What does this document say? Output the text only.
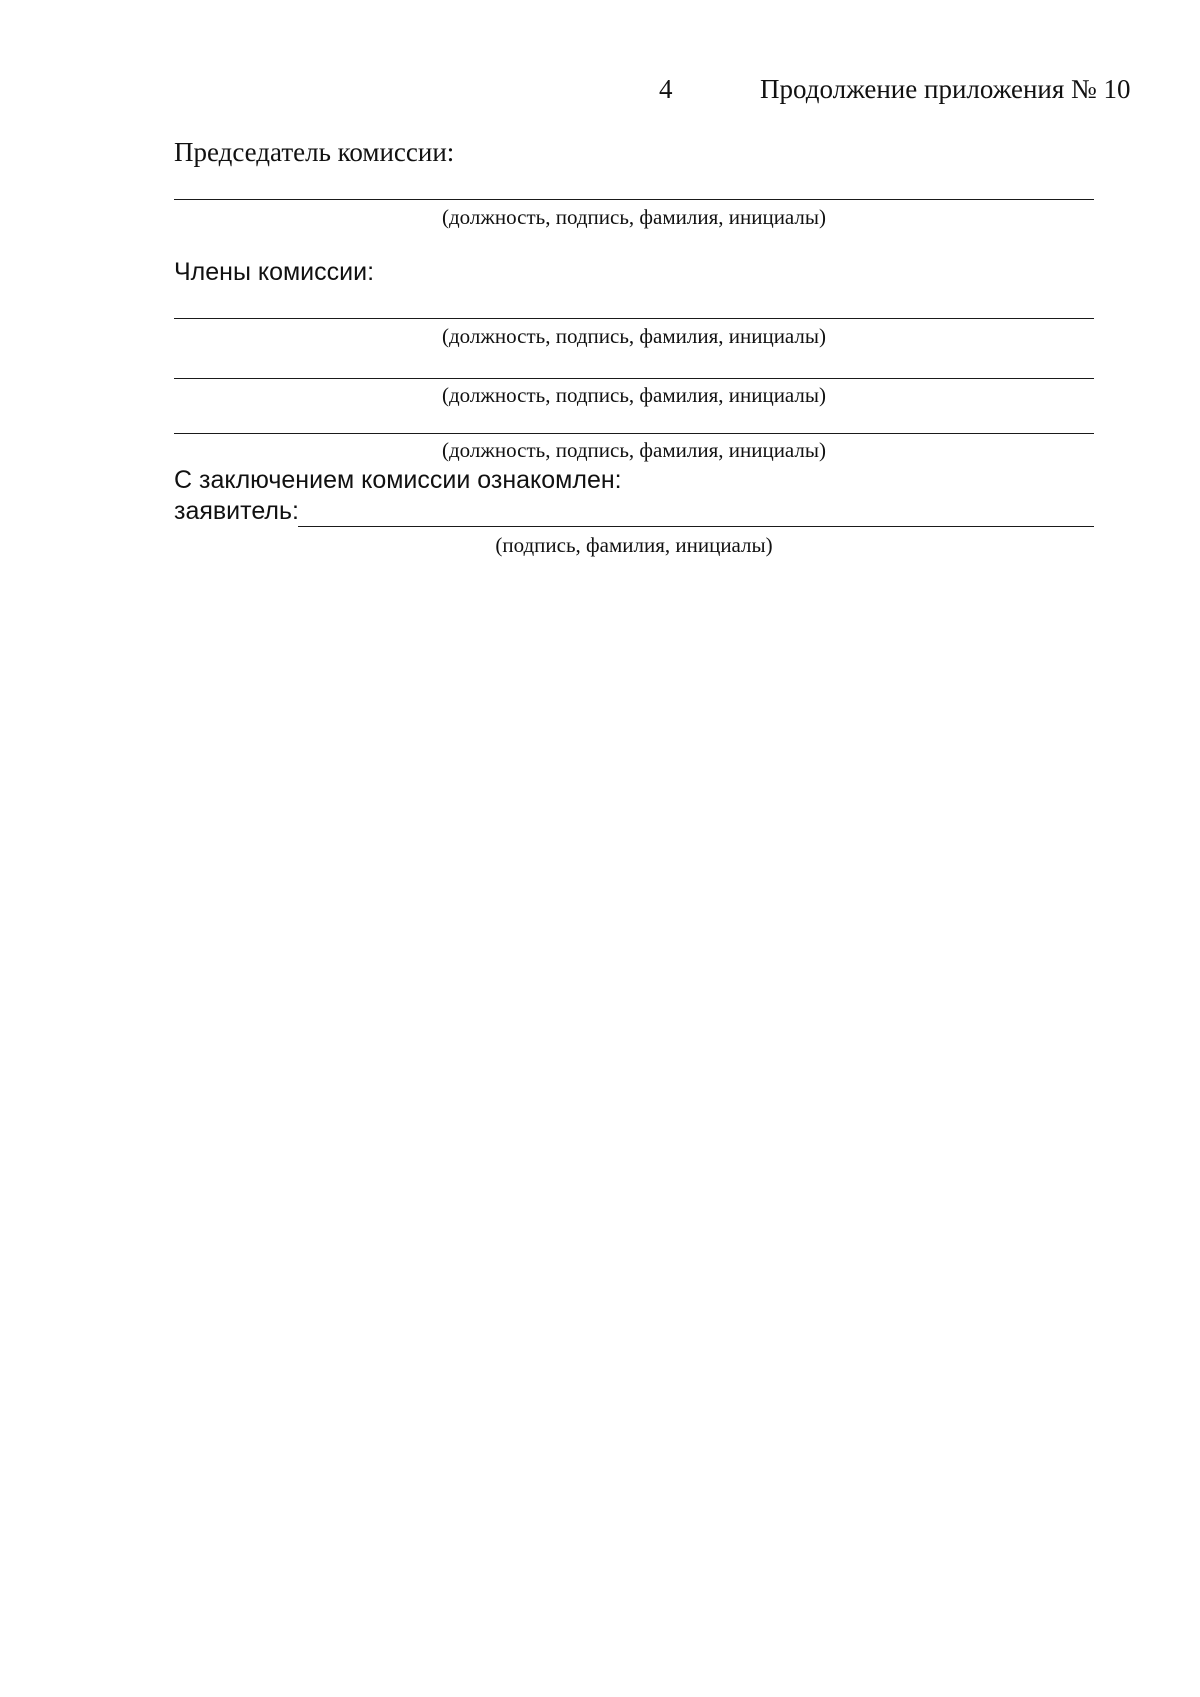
4	Продолжение приложения № 10
Председатель комиссии:
(должность, подпись, фамилия, инициалы)
Члены комиссии:
(должность, подпись, фамилия, инициалы)
(должность, подпись, фамилия, инициалы)
(должность, подпись, фамилия, инициалы)
С заключением комиссии ознакомлен:
заявитель:
(подпись, фамилия, инициалы)
